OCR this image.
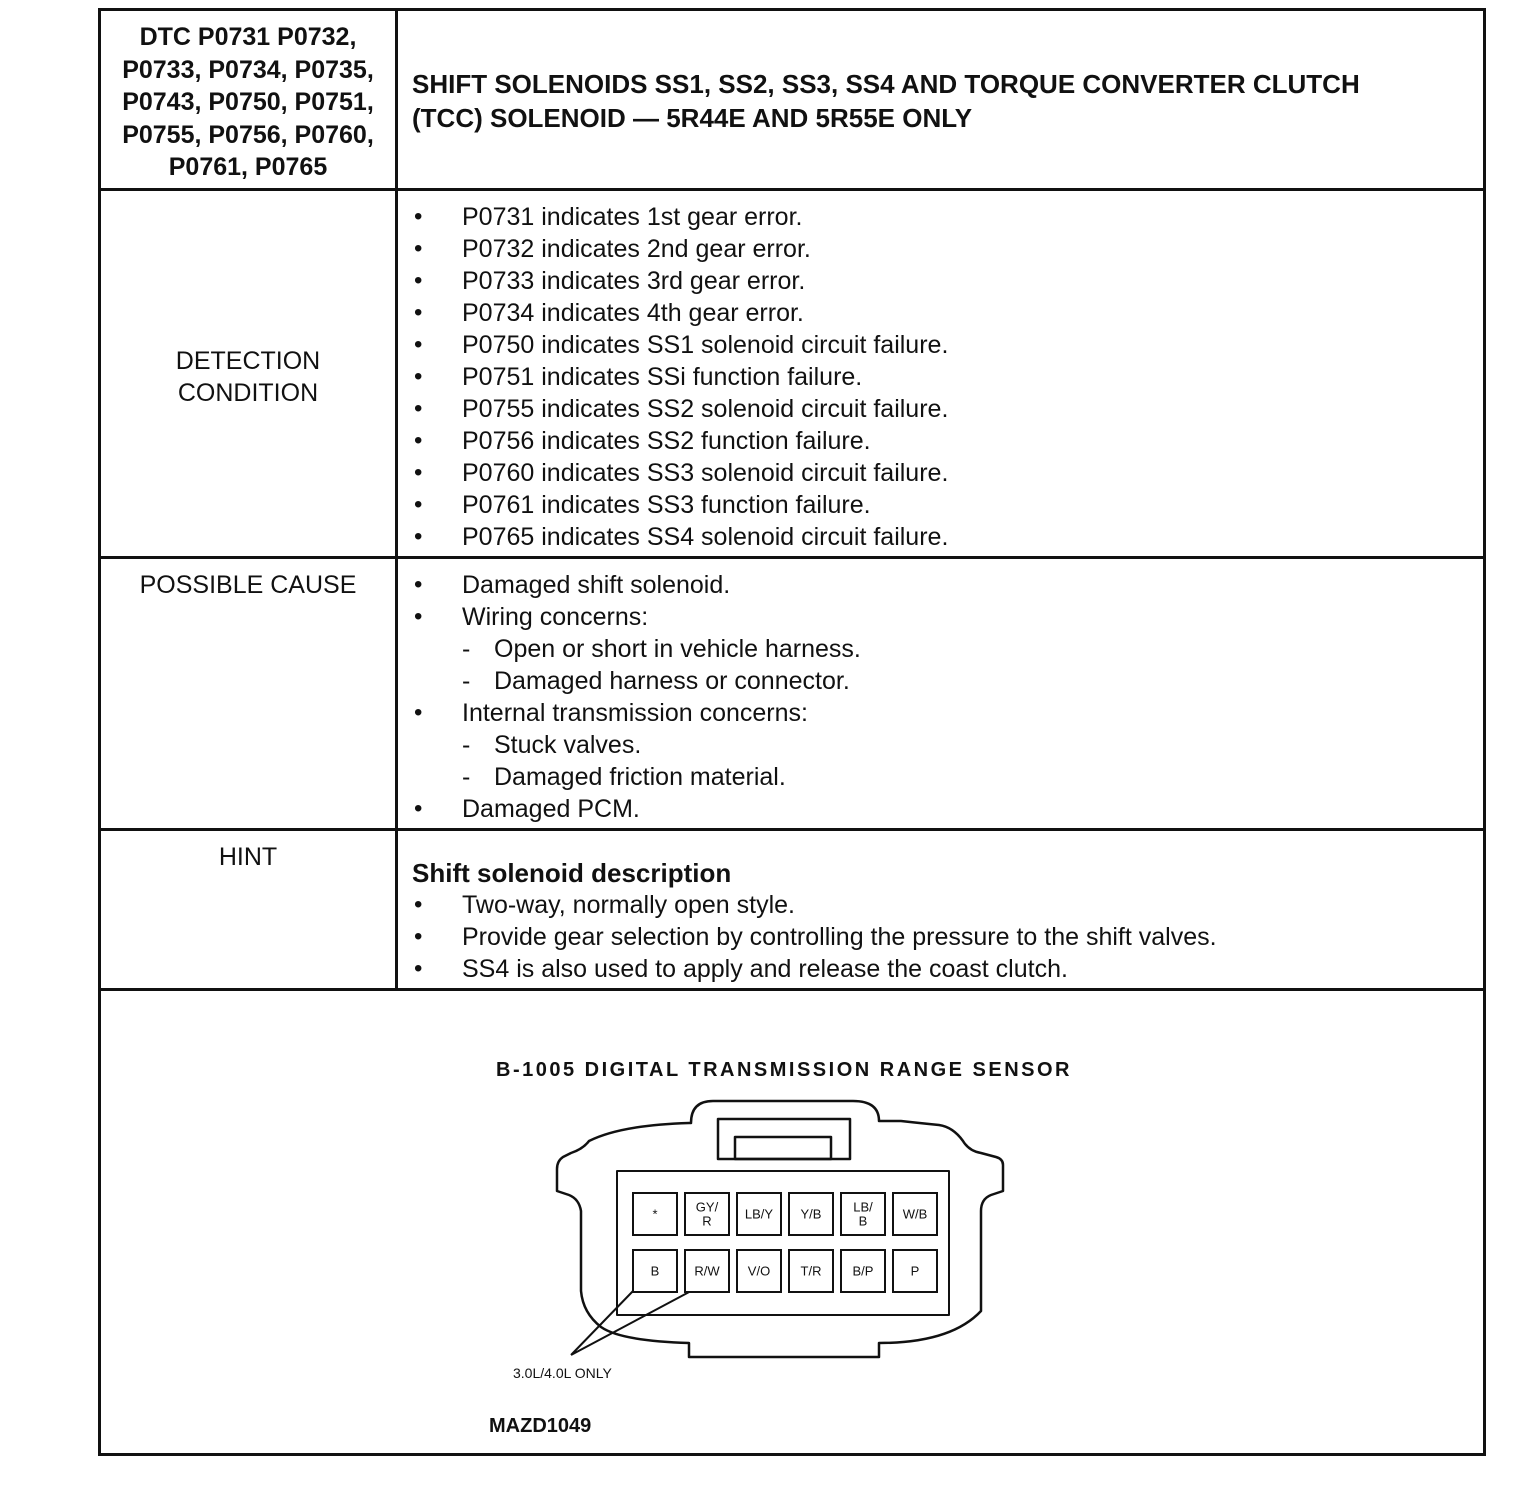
DTC P0731 P0732,
P0733, P0734, P0735,
P0743, P0750, P0751,
P0755, P0756, P0760,
P0761, P0765
SHIFT SOLENOIDS SS1, SS2, SS3, SS4 AND TORQUE CONVERTER CLUTCH
(TCC) SOLENOID — 5R44E AND 5R55E ONLY
DETECTION
CONDITION
• P0731 indicates 1st gear error.
• P0732 indicates 2nd gear error.
• P0733 indicates 3rd gear error.
• P0734 indicates 4th gear error.
• P0750 indicates SS1 solenoid circuit failure.
• P0751 indicates SSi function failure.
• P0755 indicates SS2 solenoid circuit failure.
• P0756 indicates SS2 function failure.
• P0760 indicates SS3 solenoid circuit failure.
• P0761 indicates SS3 function failure.
• P0765 indicates SS4 solenoid circuit failure.
POSSIBLE CAUSE
•	Damaged shift solenoid.
• Wiring concerns:
- Open or short in vehicle harness.
- Damaged harness or connector.
• Internal transmission concerns:
- Stuck valves.
- Damaged friction material.
• Damaged PCM.
HINT
Shift solenoid description
• Two-way, normally open style.
• Provide gear selection by controlling the pressure to the shift valves.
• SS4 is also used to apply and release the coast clutch.
B-1005 DIGITAL TRANSMISSION RANGE SENSOR
*	GY/
R	LB/Y Y/B LB/
B	W/B
B	R/W V/O T/R B/P	P
3.0L/4.0L ONLY
MAZD1049
